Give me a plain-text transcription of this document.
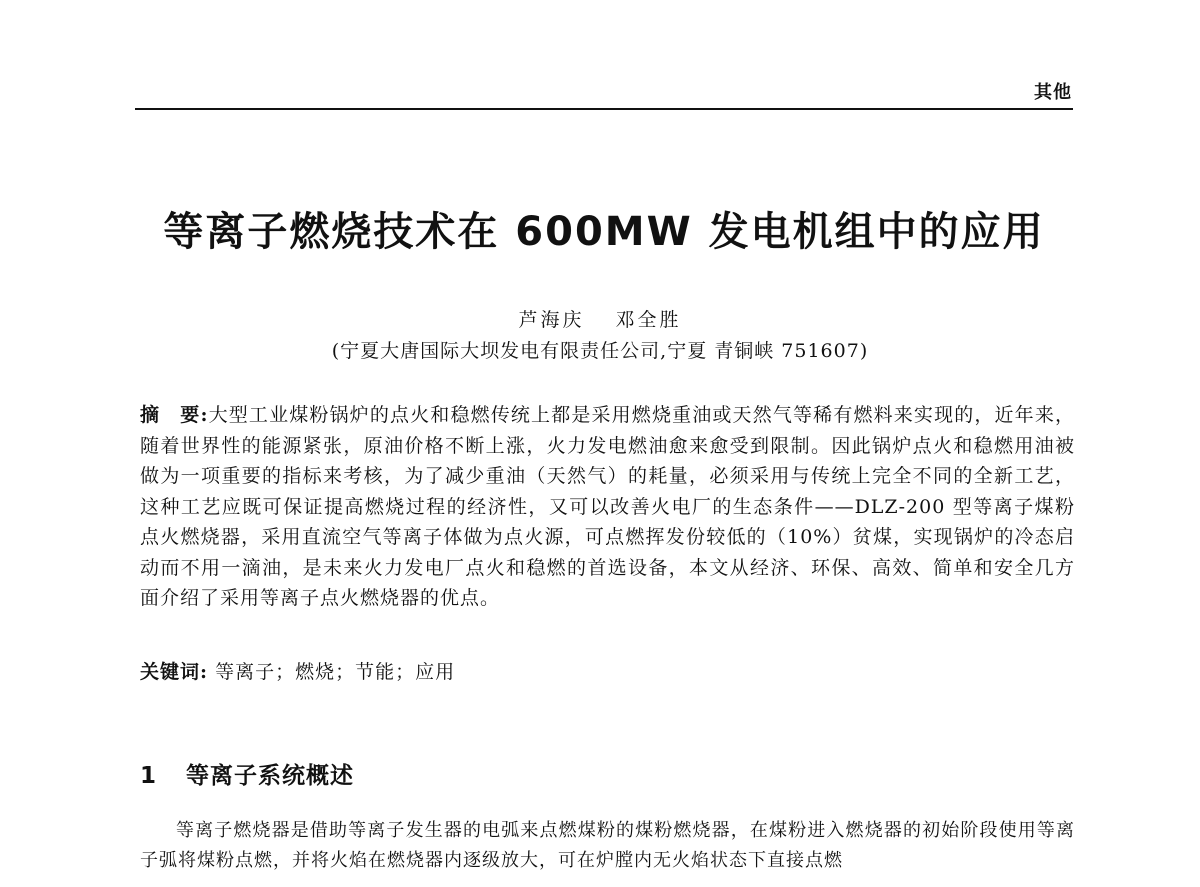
其他
等离子燃烧技术在 600MW 发电机组中的应用
芦海庆　 邓全胜
(宁夏大唐国际大坝发电有限责任公司,宁夏 青铜峡 751607)

摘　要:大型工业煤粉锅炉的点火和稳燃传统上都是采用燃烧重油或天然气等稀有燃料来实现的，近年来，随着世界性的能源紧张，原油价格不断上涨，火力发电燃油愈来愈受到限制。因此锅炉点火和稳燃用油被做为一项重要的指标来考核，为了减少重油（天然气）的耗量，必须采用与传统上完全不同的全新工艺，这种工艺应既可保证提高燃烧过程的经济性，又可以改善火电厂的生态条件——DLZ-200 型等离子煤粉点火燃烧器，采用直流空气等离子体做为点火源，可点燃挥发份较低的（10%）贫煤，实现锅炉的冷态启动而不用一滴油，是未来火力发电厂点火和稳燃的首选设备，本文从经济、环保、高效、简单和安全几方面介绍了采用等离子点火燃烧器的优点。

关键词: 等离子；燃烧；节能；应用

1 等离子系统概述

等离子燃烧器是借助等离子发生器的电弧来点燃煤粉的煤粉燃烧器，在煤粉进入燃烧器的初始阶段使用等离子弧将煤粉点燃，并将火焰在燃烧器内逐级放大，可在炉膛内无火焰状态下直接点燃
